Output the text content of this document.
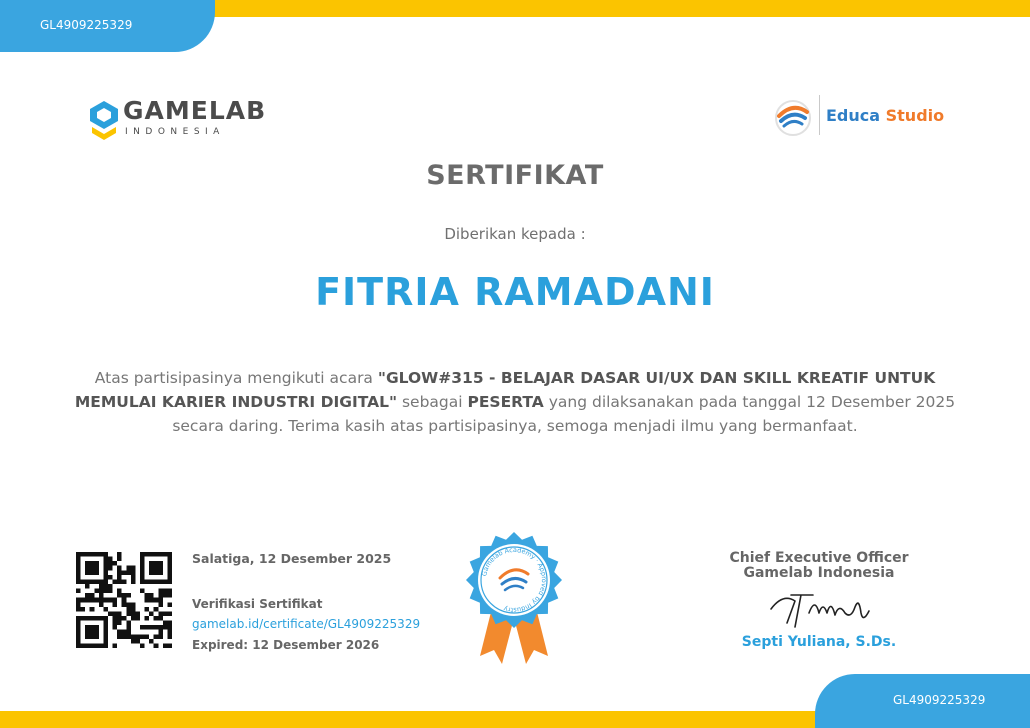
GL4909225329
GL4909225329
GAMELAB
INDONESIA
Educa Studio
SERTIFIKAT
Diberikan kepada :
FITRIA RAMADANI
Atas partisipasinya mengikuti acara "GLOW#315 - BELAJAR DASAR UI/UX DAN SKILL KREATIF UNTUK MEMULAI KARIER INDUSTRI DIGITAL" sebagai PESERTA yang dilaksanakan pada tanggal 12 Desember 2025 secara daring. Terima kasih atas partisipasinya, semoga menjadi ilmu yang bermanfaat.
Salatiga, 12 Desember 2025
Verifikasi Sertifikat
gamelab.id/certificate/GL4909225329
Expired: 12 Desember 2026
Gamelab Academy · Approved by Industry
Chief Executive Officer
Gamelab Indonesia
Septi Yuliana, S.Ds.
